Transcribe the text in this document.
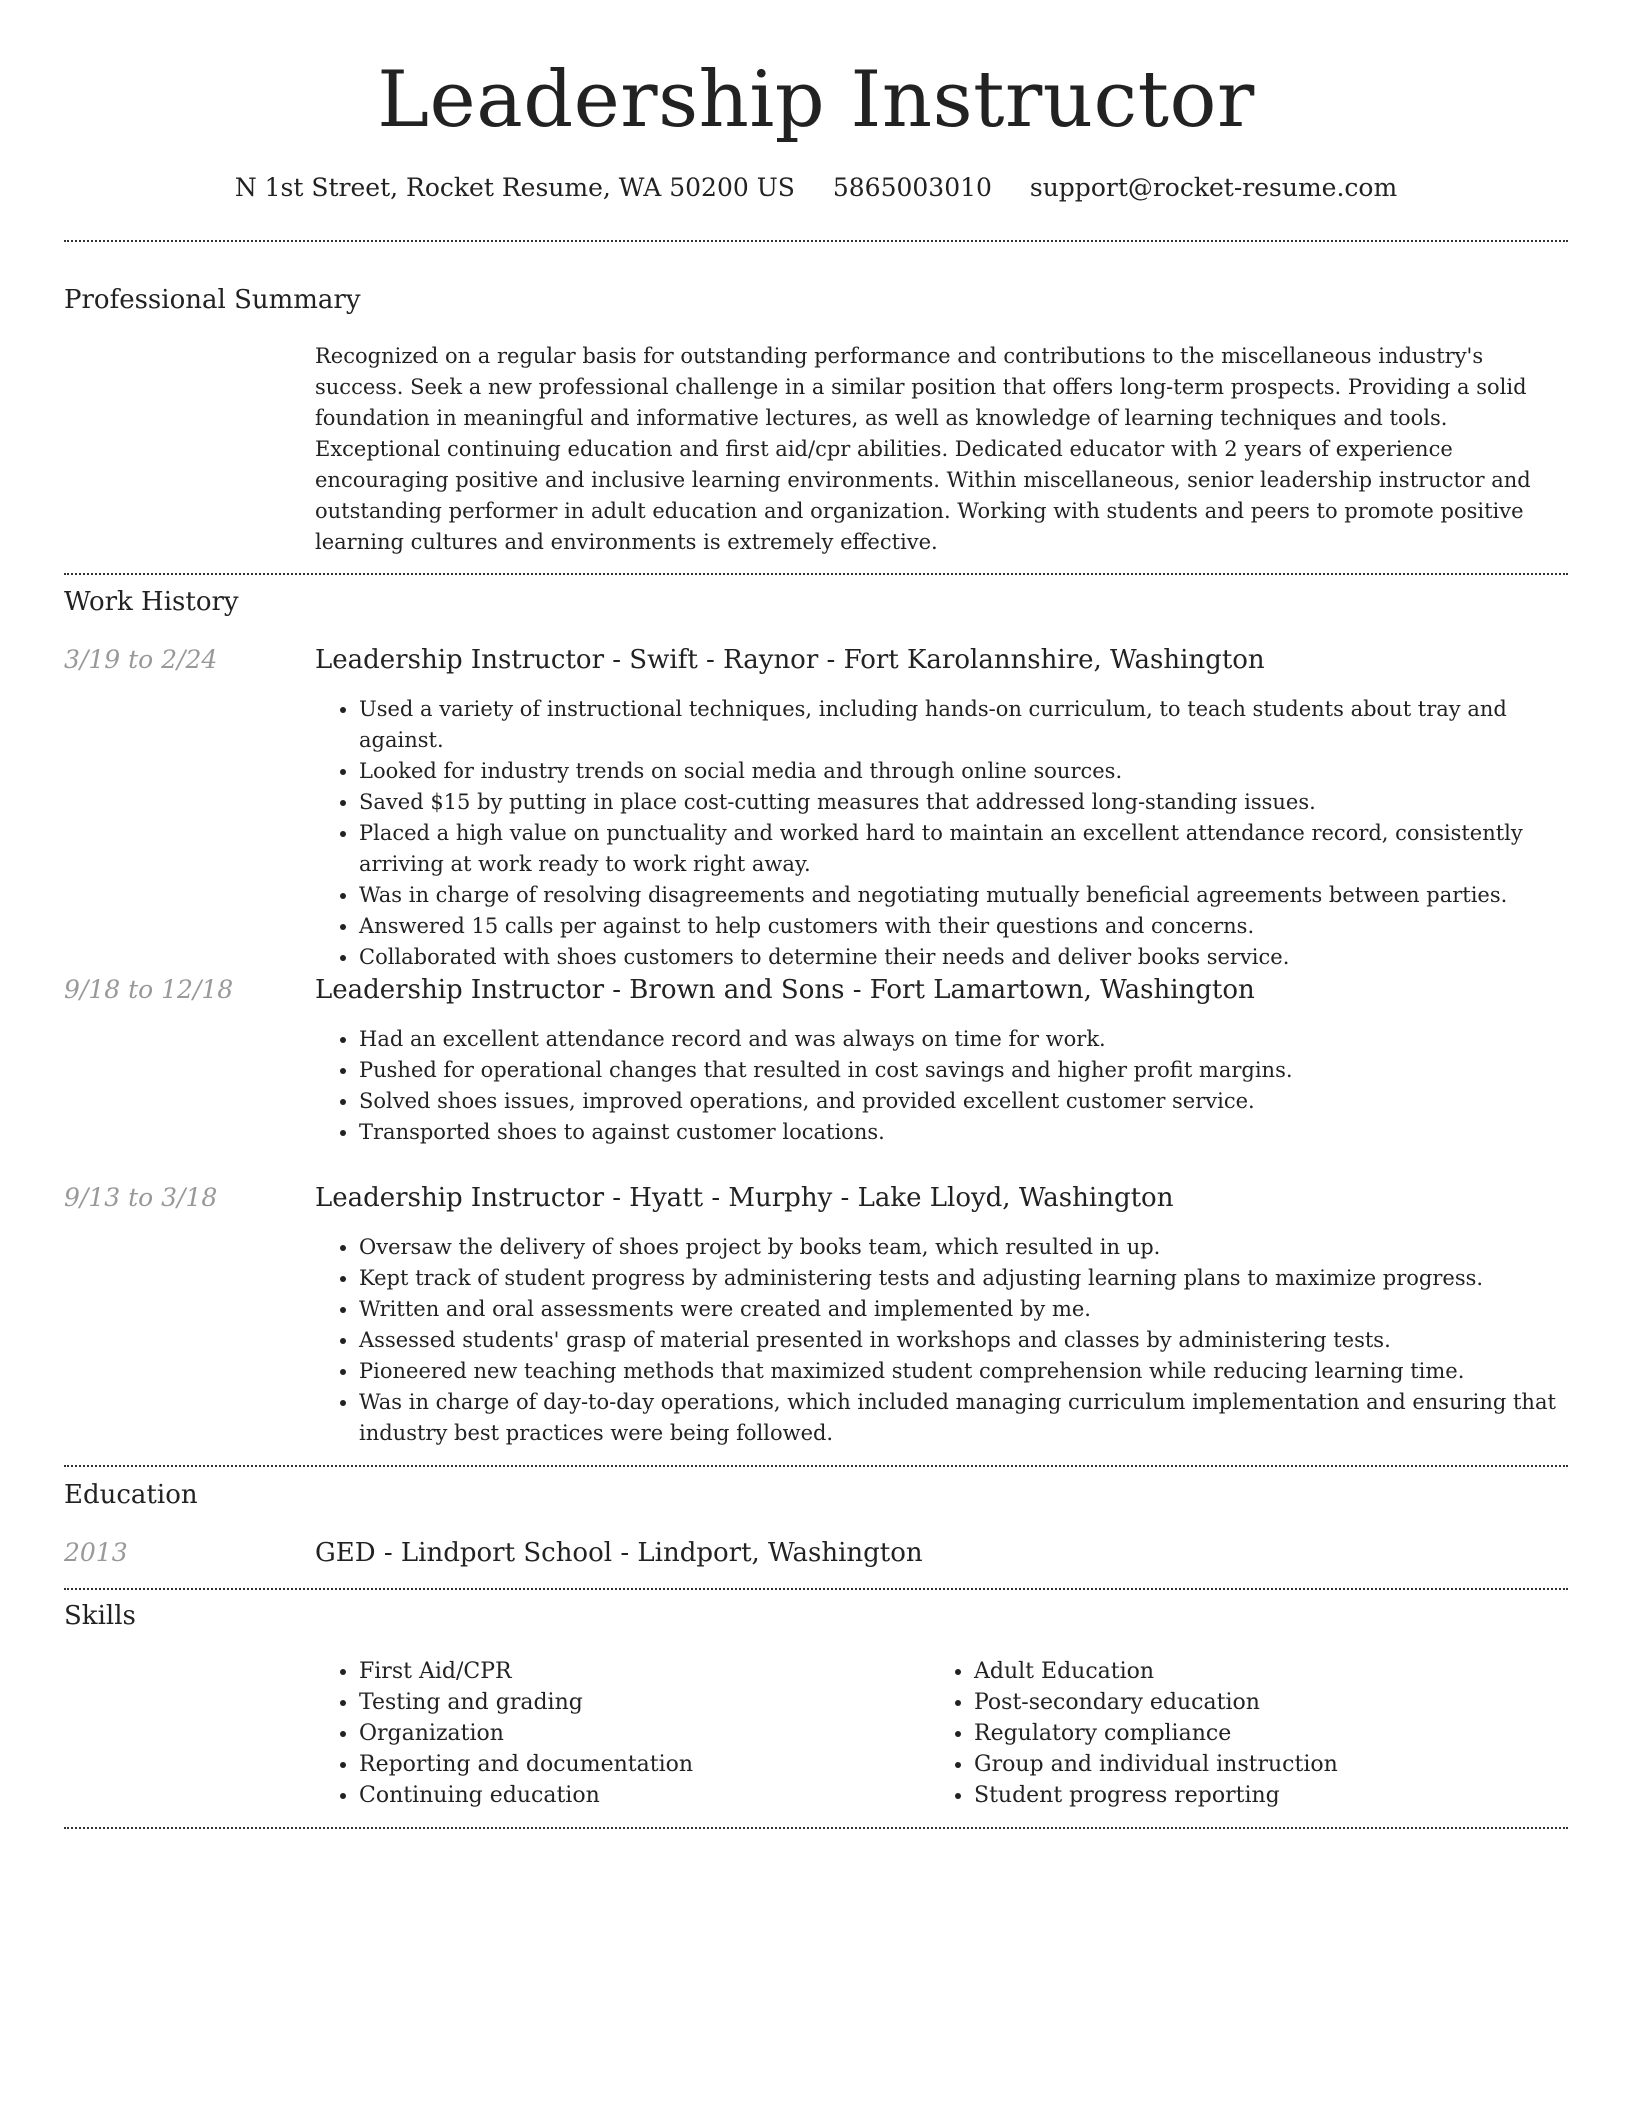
Leadership Instructor
N 1st Street, Rocket Resume, WA 50200 US 5865003010 support@rocket-resume.com
Professional Summary

Recognized on a regular basis for outstanding performance and contributions to the miscellaneous industry's success. Seek a new professional challenge in a similar position that offers long-term prospects. Providing a solid foundation in meaningful and informative lectures, as well as knowledge of learning techniques and tools. Exceptional continuing education and first aid/cpr abilities. Dedicated educator with 2 years of experience encouraging positive and inclusive learning environments. Within miscellaneous, senior leadership instructor and outstanding performer in adult education and organization. Working with students and peers to promote positive learning cultures and environments is extremely effective.

Work History
3/19 to 2/24	Leadership Instructor - Swift - Raynor - Fort Karolannshire, Washington
• Used a variety of instructional techniques, including hands-on curriculum, to teach students about tray and against.
• Looked for industry trends on social media and through online sources.
• Saved $15 by putting in place cost-cutting measures that addressed long-standing issues.
• Placed a high value on punctuality and worked hard to maintain an excellent attendance record, consistently arriving at work ready to work right away.
• Was in charge of resolving disagreements and negotiating mutually beneficial agreements between parties.
• Answered 15 calls per against to help customers with their questions and concerns.
• Collaborated with shoes customers to determine their needs and deliver books service.
9/18 to 12/18	Leadership Instructor - Brown and Sons - Fort Lamartown, Washington
• Had an excellent attendance record and was always on time for work.
• Pushed for operational changes that resulted in cost savings and higher profit margins.
• Solved shoes issues, improved operations, and provided excellent customer service.
• Transported shoes to against customer locations.
9/13 to 3/18	Leadership Instructor - Hyatt - Murphy - Lake Lloyd, Washington
• Oversaw the delivery of shoes project by books team, which resulted in up.
• Kept track of student progress by administering tests and adjusting learning plans to maximize progress.
• Written and oral assessments were created and implemented by me.
• Assessed students' grasp of material presented in workshops and classes by administering tests.
• Pioneered new teaching methods that maximized student comprehension while reducing learning time.
• Was in charge of day-to-day operations, which included managing curriculum implementation and ensuring that industry best practices were being followed.
Education
2013	GED - Lindport School - Lindport, Washington
Skills
• First Aid/CPR
• Testing and grading
• Organization
• Reporting and documentation
• Continuing education
• Adult Education
• Post-secondary education
• Regulatory compliance
• Group and individual instruction
• Student progress reporting
